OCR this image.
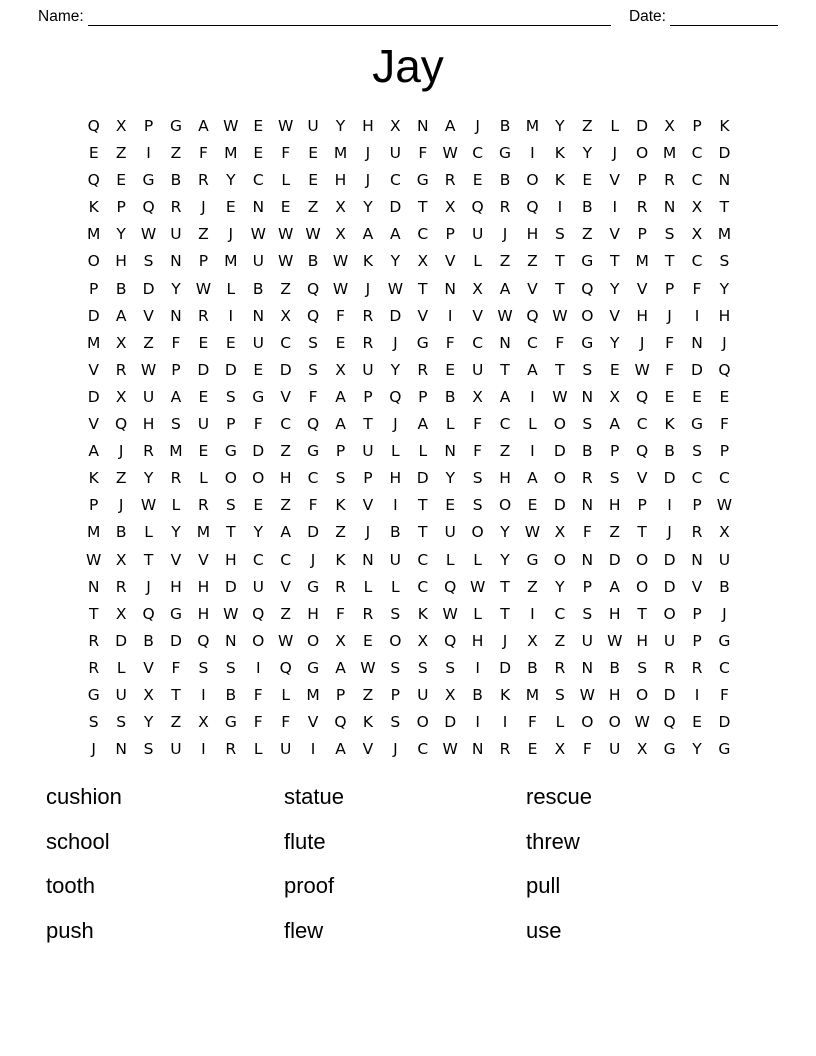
Name:	Date:
Jay
Q	X	P	G	A W E W U	Y	H	X	N	A	J	B M	Y	Z	L	D	X	P	K
E	Z	I	Z	F	M	E	F	E	M	J	U	F W C	G	I	K	Y	J	O M C	D
Q	E	G	B	R	Y	C	L	E	H	J	C	G	R	E	B	O	K	E	V	P	R	C	N
K	P	Q	R	J	E	N	E	Z	X	Y	D	T	X	Q	R	Q	I	B	I	R	N	X	T
M	Y W U	Z	J	W W W X	A	A	C	P	U	J	H	S	Z	V	P	S	X M
O H	S	N	P	M U W B W K	Y	X	V	L	Z	Z	T	G	T	M	T	C	S
P	B	D	Y W L	B	Z	Q W	J	W T	N	X	A	V	T	Q	Y	V	P	F	Y
D	A	V	N	R	I	N	X	Q	F	R	D	V	I	V W Q W O	V	H	J	I	H
M X	Z	F	E	E	U	C	S	E	R	J	G	F	C	N	C	F	G	Y	J	F	N	J
V	R W P	D D	E	D	S	X	U	Y	R	E	U	T	A	T	S	E W F	D Q
D	X	U	A	E	S	G	V	F	A	P	Q	P	B	X	A	I	W N	X	Q	E	E	E
V	Q H	S	U	P	F	C	Q	A	T	J	A	L	F	C	L	O	S	A	C	K	G	F
A	J	R M	E	G D	Z	G	P	U	L	L	N	F	Z	I	D	B	P	Q	B	S	P
K	Z	Y	R	L	O O H	C	S	P	H	D	Y	S	H	A	O	R	S	V	D	C	C
P	J	W L	R	S	E	Z	F	K	V	I	T	E	S	O	E	D	N	H	P	I	P W
M B	L	Y	M	T	Y	A	D	Z	J	B	T	U	O	Y W X	F	Z	T	J	R	X
W X	T	V	V	H	C	C	J	K	N	U	C	L	L	Y	G O	N	D O D	N	U
N	R	J	H	H	D	U	V	G	R	L	L	C	Q W T	Z	Y	P	A	O D	V	B
T	X	Q G	H W Q	Z	H	F	R	S	K W L	T	I	C	S	H	T	O	P	J
R	D	B	D Q	N	O W O	X	E	O	X	Q H	J	X	Z	U W H	U	P	G
R	L	V	F	S	S	I	Q G	A W S	S	S	I	D	B	R	N	B	S	R	R	C
G	U	X	T	I	B	F	L	M	P	Z	P	U	X	B	K	M	S W H	O D	I	F
S	S	Y	Z	X	G	F	F	V	Q	K	S	O D	I	I	F	L	O O W Q	E	D
J	N	S	U	I	R	L	U	I	A	V	J	C W N	R	E	X	F	U	X	G	Y	G
cushion	statue	rescue
school	flute	threw
tooth	proof	pull
push	flew	use
